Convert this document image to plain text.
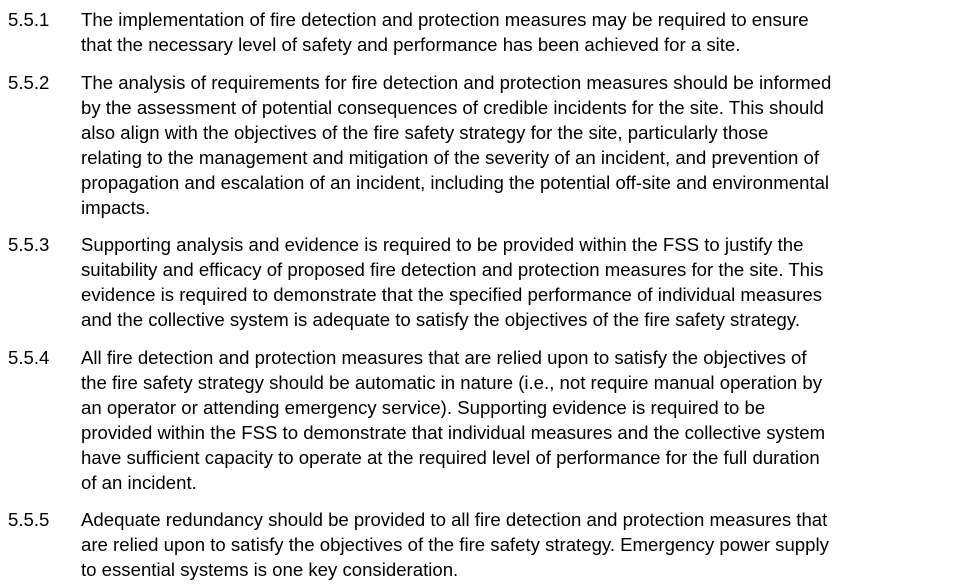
5.5.1	The implementation of fire detection and protection measures may be required to ensure
that the necessary level of safety and performance has been achieved for a site.
5.5.2	The analysis of requirements for fire detection and protection measures should be informed
by the assessment of potential consequences of credible incidents for the site. This should
also align with the objectives of the fire safety strategy for the site, particularly those
relating to the management and mitigation of the severity of an incident, and prevention of
propagation and escalation of an incident, including the potential off-site and environmental
impacts.
5.5.3	Supporting analysis and evidence is required to be provided within the FSS to justify the
suitability and efficacy of proposed fire detection and protection measures for the site. This
evidence is required to demonstrate that the specified performance of individual measures
and the collective system is adequate to satisfy the objectives of the fire safety strategy.
5.5.4	All fire detection and protection measures that are relied upon to satisfy the objectives of
the fire safety strategy should be automatic in nature (i.e., not require manual operation by
an operator or attending emergency service). Supporting evidence is required to be
provided within the FSS to demonstrate that individual measures and the collective system
have sufficient capacity to operate at the required level of performance for the full duration
of an incident.
5.5.5	Adequate redundancy should be provided to all fire detection and protection measures that
are relied upon to satisfy the objectives of the fire safety strategy. Emergency power supply
to essential systems is one key consideration.
